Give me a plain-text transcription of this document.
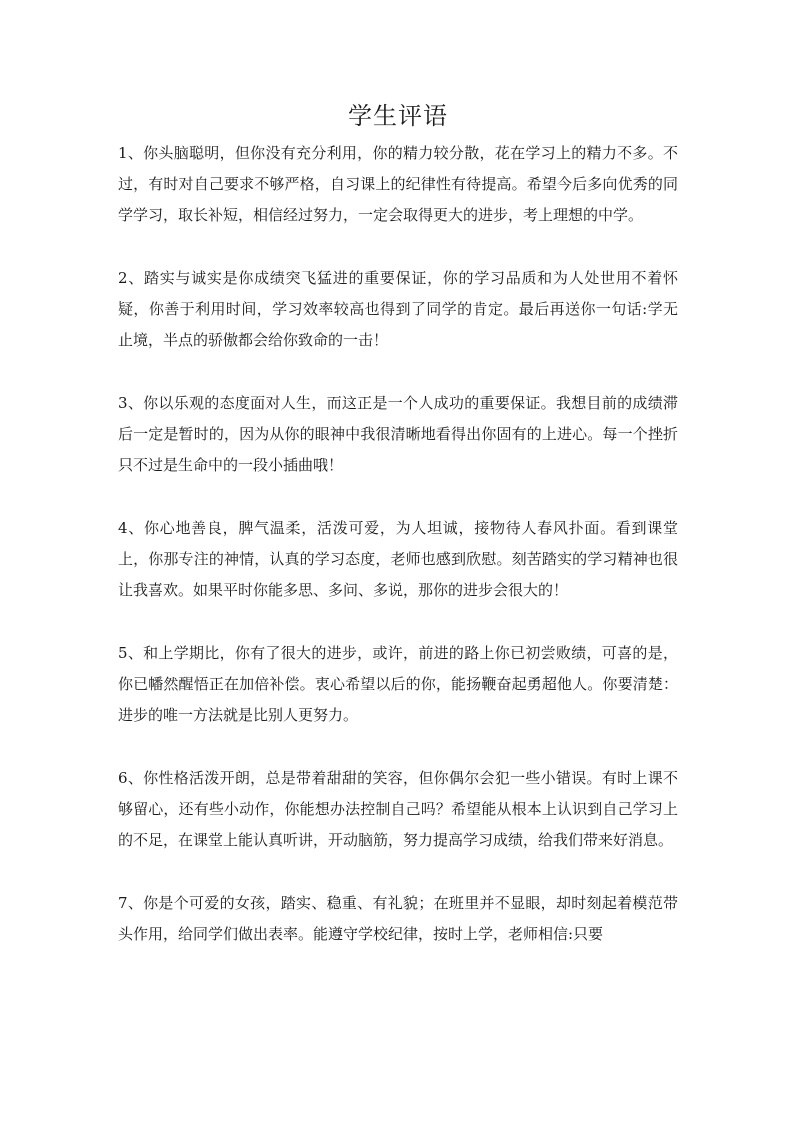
学生评语

1、你头脑聪明，但你没有充分利用，你的精力较分散，花在学习上的精力不多。不过，有时对自己要求不够严格，自习课上的纪律性有待提高。希望今后多向优秀的同学学习，取长补短，相信经过努力，一定会取得更大的进步，考上理想的中学。

2、踏实与诚实是你成绩突飞猛进的重要保证，你的学习品质和为人处世用不着怀疑，你善于利用时间，学习效率较高也得到了同学的肯定。最后再送你一句话:学无止境，半点的骄傲都会给你致命的一击！

3、你以乐观的态度面对人生，而这正是一个人成功的重要保证。我想目前的成绩滞后一定是暂时的，因为从你的眼神中我很清晰地看得出你固有的上进心。每一个挫折只不过是生命中的一段小插曲哦！

4、你心地善良，脾气温柔，活泼可爱，为人坦诚，接物待人春风扑面。看到课堂上，你那专注的神情，认真的学习态度，老师也感到欣慰。刻苦踏实的学习精神也很让我喜欢。如果平时你能多思、多问、多说，那你的进步会很大的！

5、和上学期比，你有了很大的进步，或许，前进的路上你已初尝败绩，可喜的是，你已幡然醒悟正在加倍补偿。衷心希望以后的你，能扬鞭奋起勇超他人。你要清楚：进步的唯一方法就是比别人更努力。

6、你性格活泼开朗，总是带着甜甜的笑容，但你偶尔会犯一些小错误。有时上课不够留心，还有些小动作，你能想办法控制自己吗？希望能从根本上认识到自己学习上的不足，在课堂上能认真听讲，开动脑筋，努力提高学习成绩，给我们带来好消息。

7、你是个可爱的女孩，踏实、稳重、有礼貌；在班里并不显眼，却时刻起着模范带头作用，给同学们做出表率。能遵守学校纪律，按时上学，老师相信:只要
